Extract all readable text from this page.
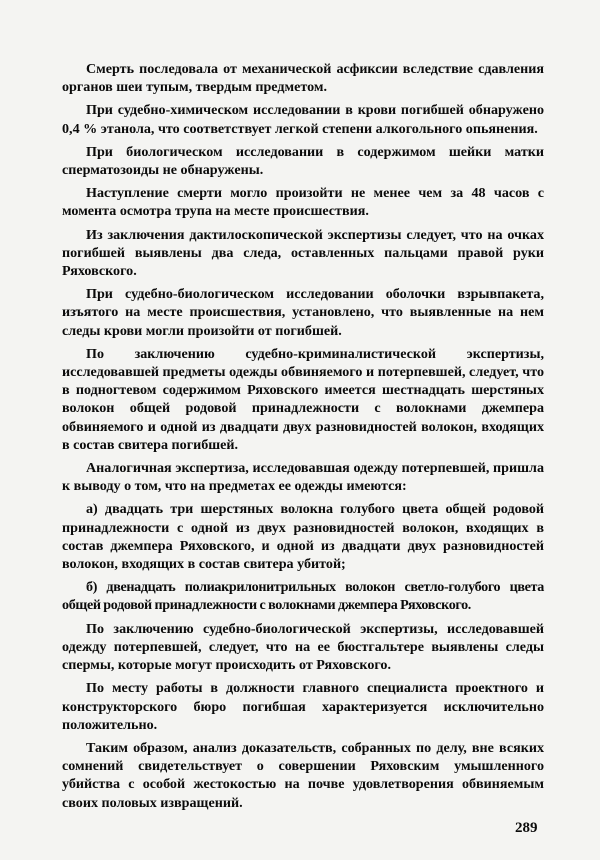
Смерть последовала от механической асфиксии вследствие сдавления органов шеи тупым, твердым предметом.

При судебно-химическом исследовании в крови погибшей обнаружено 0,4 % этанола, что соответствует легкой степени алкогольного опьянения.

При биологическом исследовании в содержимом шейки матки сперматозоиды не обнаружены.

Наступление смерти могло произойти не менее чем за 48 часов с момента осмотра трупа на месте происшествия.

Из заключения дактилоскопической экспертизы следует, что на очках погибшей выявлены два следа, оставленных пальцами правой руки Ряховского.

При судебно-биологическом исследовании оболочки взрывпакета, изъятого на месте происшествия, установлено, что выявленные на нем следы крови могли произойти от погибшей.

По заключению судебно-криминалистической экспертизы, исследовавшей предметы одежды обвиняемого и потерпевшей, следует, что в подногтевом содержимом Ряховского имеется шестнадцать шерстяных волокон общей родовой принадлежности с волокнами джемпера обвиняемого и одной из двадцати двух разновидностей волокон, входящих в состав свитера погибшей.

Аналогичная экспертиза, исследовавшая одежду потерпевшей, пришла к выводу о том, что на предметах ее одежды имеются:

а) двадцать три шерстяных волокна голубого цвета общей родовой принадлежности с одной из двух разновидностей волокон, входящих в состав джемпера Ряховского, и одной из двадцати двух разновидностей волокон, входящих в состав свитера убитой;

б) двенадцать полиакрилонитрильных волокон светло-голубого цвета общей родовой принадлежности с волокнами джемпера Ряховского.

По заключению судебно-биологической экспертизы, исследовавшей одежду потерпевшей, следует, что на ее бюстгальтере выявлены следы спермы, которые могут происходить от Ряховского.

По месту работы в должности главного специалиста проектного и конструкторского бюро погибшая характеризуется исключительно положительно.

Таким образом, анализ доказательств, собранных по делу, вне всяких сомнений свидетельствует о совершении Ряховским умышленного убийства с особой жестокостью на почве удовлетворения обвиняемым своих половых извращений.

289
